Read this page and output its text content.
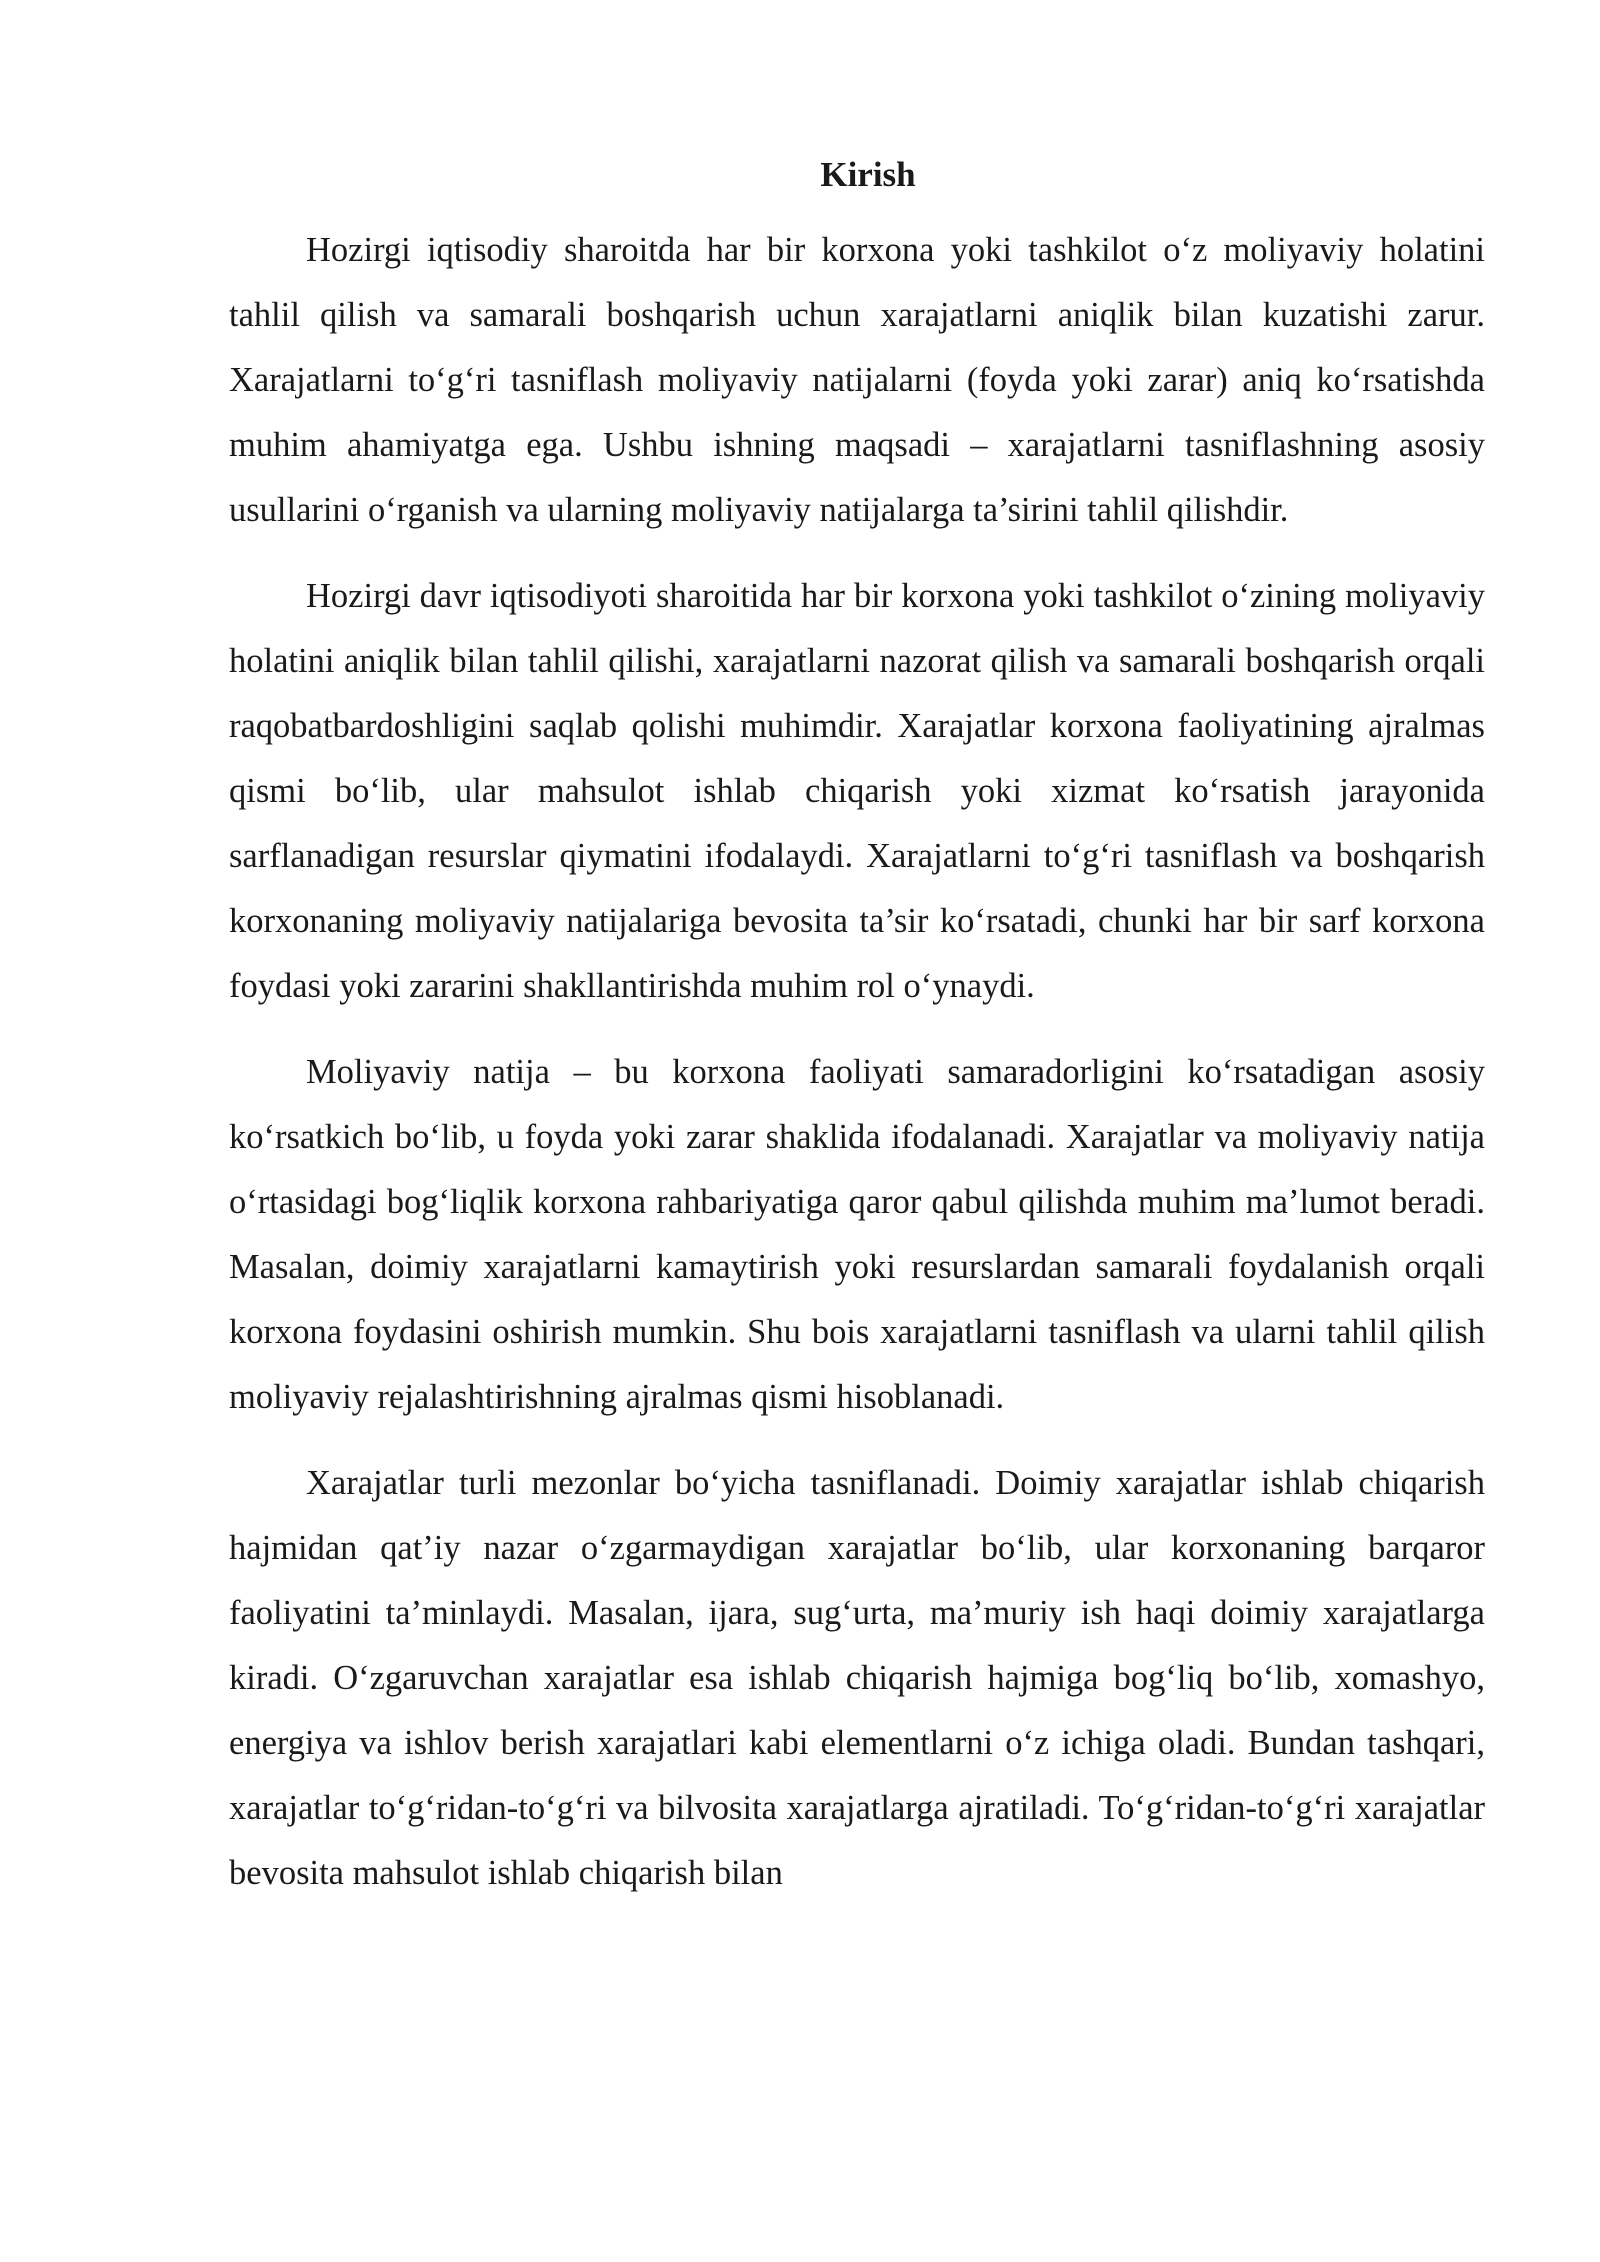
Kirish

Hozirgi iqtisodiy sharoitda har bir korxona yoki tashkilot o‘z moliyaviy holatini tahlil qilish va samarali boshqarish uchun xarajatlarni aniqlik bilan kuzatishi zarur. Xarajatlarni to‘g‘ri tasniflash moliyaviy natijalarni (foyda yoki zarar) aniq ko‘rsatishda muhim ahamiyatga ega. Ushbu ishning maqsadi – xarajatlarni tasniflashning asosiy usullarini o‘rganish va ularning moliyaviy natijalarga ta’sirini tahlil qilishdir.

Hozirgi davr iqtisodiyoti sharoitida har bir korxona yoki tashkilot o‘zining moliyaviy holatini aniqlik bilan tahlil qilishi, xarajatlarni nazorat qilish va samarali boshqarish orqali raqobatbardoshligini saqlab qolishi muhimdir. Xarajatlar korxona faoliyatining ajralmas qismi bo‘lib, ular mahsulot ishlab chiqarish yoki xizmat ko‘rsatish jarayonida sarflanadigan resurslar qiymatini ifodalaydi. Xarajatlarni to‘g‘ri tasniflash va boshqarish korxonaning moliyaviy natijalariga bevosita ta’sir ko‘rsatadi, chunki har bir sarf korxona foydasi yoki zararini shakllantirishda muhim rol o‘ynaydi.

Moliyaviy natija – bu korxona faoliyati samaradorligini ko‘rsatadigan asosiy ko‘rsatkich bo‘lib, u foyda yoki zarar shaklida ifodalanadi. Xarajatlar va moliyaviy natija o‘rtasidagi bog‘liqlik korxona rahbariyatiga qaror qabul qilishda muhim ma’lumot beradi. Masalan, doimiy xarajatlarni kamaytirish yoki resurslardan samarali foydalanish orqali korxona foydasini oshirish mumkin. Shu bois xarajatlarni tasniflash va ularni tahlil qilish moliyaviy rejalashtirishning ajralmas qismi hisoblanadi.

Xarajatlar turli mezonlar bo‘yicha tasniflanadi. Doimiy xarajatlar ishlab chiqarish hajmidan qat’iy nazar o‘zgarmaydigan xarajatlar bo‘lib, ular korxonaning barqaror faoliyatini ta’minlaydi. Masalan, ijara, sug‘urta, ma’muriy ish haqi doimiy xarajatlarga kiradi. O‘zgaruvchan xarajatlar esa ishlab chiqarish hajmiga bog‘liq bo‘lib, xomashyo, energiya va ishlov berish xarajatlari kabi elementlarni o‘z ichiga oladi. Bundan tashqari, xarajatlar to‘g‘ridan-to‘g‘ri va bilvosita xarajatlarga ajratiladi. To‘g‘ridan-to‘g‘ri xarajatlar bevosita mahsulot ishlab chiqarish bilan
